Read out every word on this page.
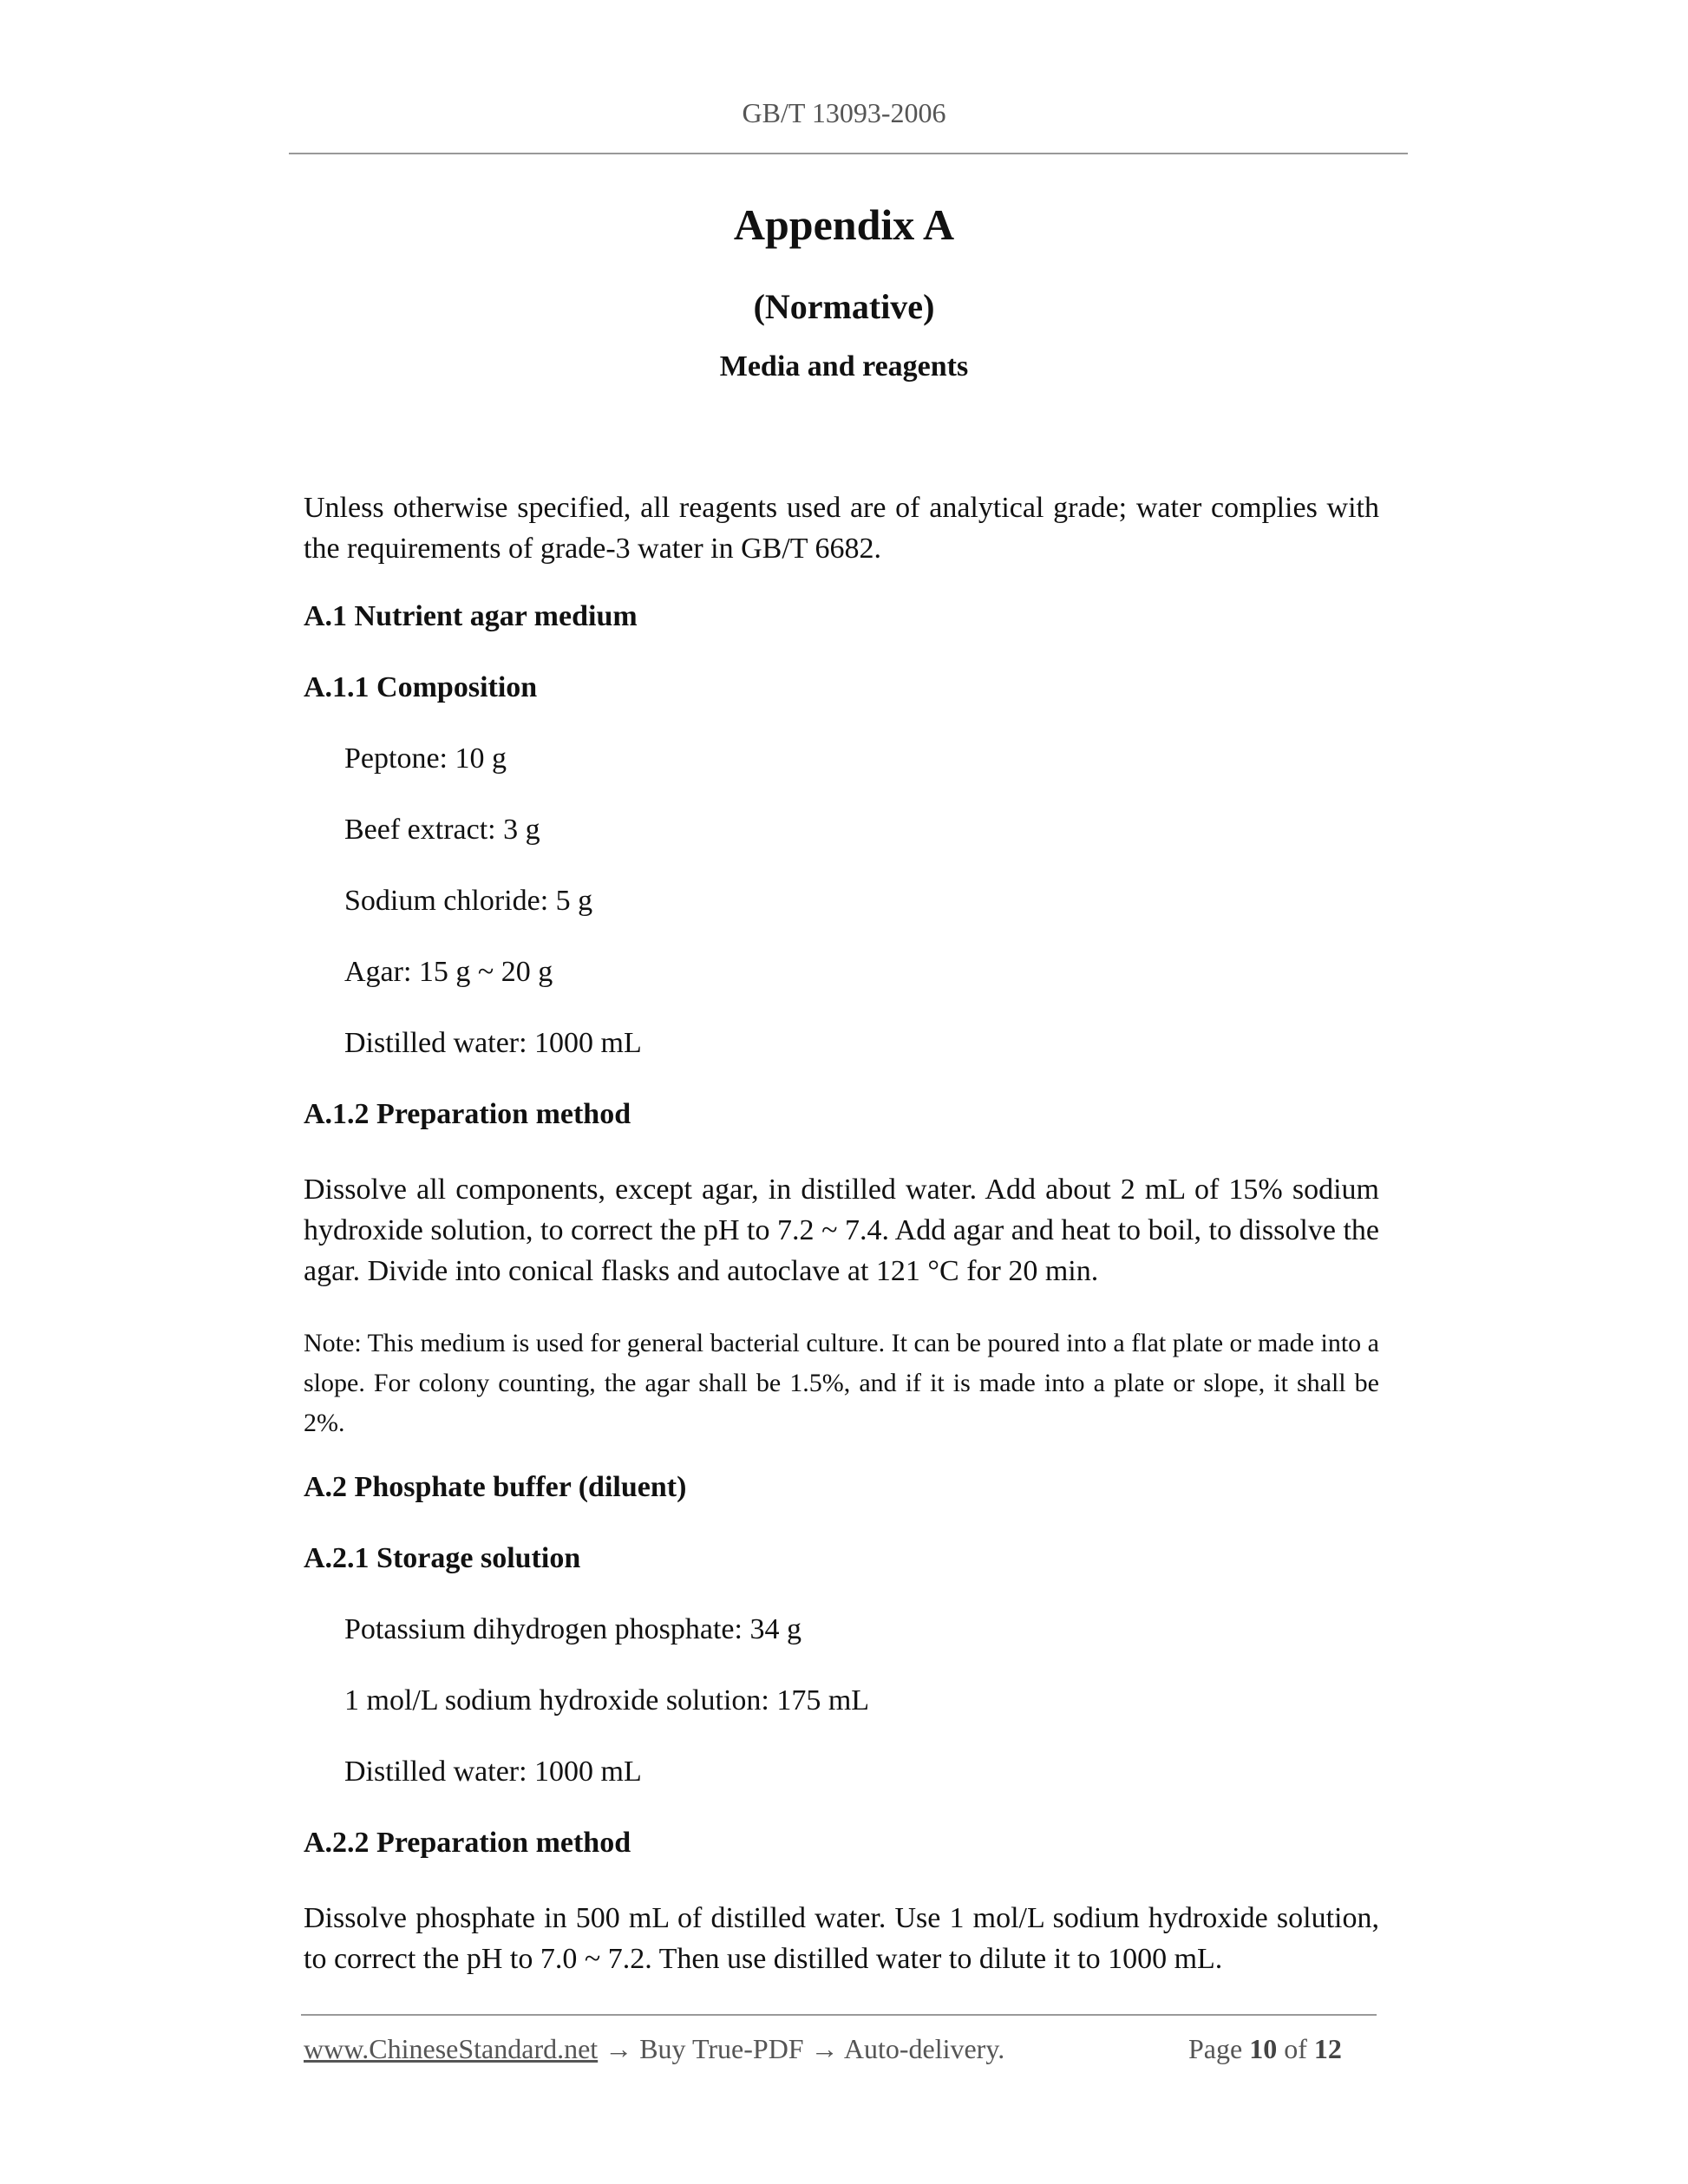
GB/T 13093-2006
Appendix A
(Normative)
Media and reagents
Unless otherwise specified, all reagents used are of analytical grade; water complies with the requirements of grade-3 water in GB/T 6682.
A.1 Nutrient agar medium
A.1.1 Composition
Peptone: 10 g
Beef extract: 3 g
Sodium chloride: 5 g
Agar: 15 g ~ 20 g
Distilled water: 1000 mL
A.1.2 Preparation method
Dissolve all components, except agar, in distilled water. Add about 2 mL of 15% sodium hydroxide solution, to correct the pH to 7.2 ~ 7.4. Add agar and heat to boil, to dissolve the agar. Divide into conical flasks and autoclave at 121 °C for 20 min.
Note: This medium is used for general bacterial culture. It can be poured into a flat plate or made into a slope. For colony counting, the agar shall be 1.5%, and if it is made into a plate or slope, it shall be 2%.
A.2 Phosphate buffer (diluent)
A.2.1 Storage solution
Potassium dihydrogen phosphate: 34 g
1 mol/L sodium hydroxide solution: 175 mL
Distilled water: 1000 mL
A.2.2 Preparation method
Dissolve phosphate in 500 mL of distilled water. Use 1 mol/L sodium hydroxide solution, to correct the pH to 7.0 ~ 7.2. Then use distilled water to dilute it to 1000 mL.
www.ChineseStandard.net → Buy True-PDF → Auto-delivery.	Page 10 of 12
